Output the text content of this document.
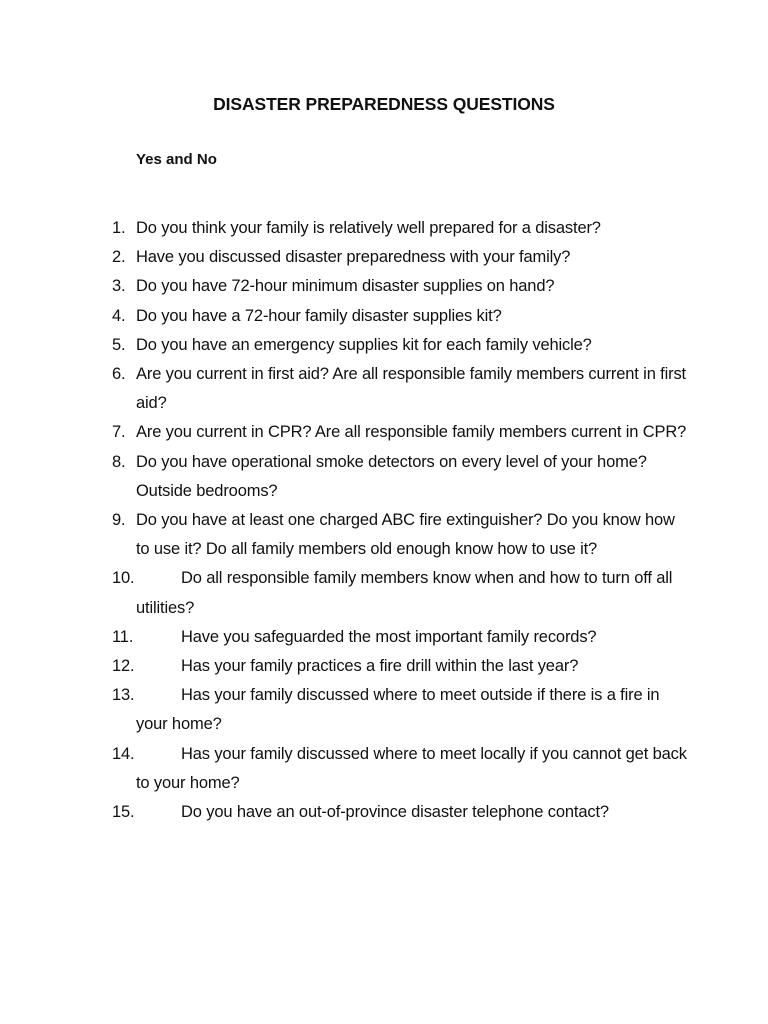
DISASTER PREPAREDNESS QUESTIONS
Yes and No
1. Do you think your family is relatively well prepared for a disaster?
2. Have you discussed disaster preparedness with your family?
3. Do you have 72-hour minimum disaster supplies on hand?
4. Do you have a 72-hour family disaster supplies kit?
5. Do you have an emergency supplies kit for each family vehicle?
6. Are you current in first aid? Are all responsible family members current in first aid?
7. Are you current in CPR? Are all responsible family members current in CPR?
8. Do you have operational smoke detectors on every level of your home? Outside bedrooms?
9. Do you have at least one charged ABC fire extinguisher? Do you know how to use it? Do all family members old enough know how to use it?
10.	Do all responsible family members know when and how to turn off all utilities?
11.	Have you safeguarded the most important family records?
12.	Has your family practices a fire drill within the last year?
13.	Has your family discussed where to meet outside if there is a fire in your home?
14.	Has your family discussed where to meet locally if you cannot get back to your home?
15.	Do you have an out-of-province disaster telephone contact?
